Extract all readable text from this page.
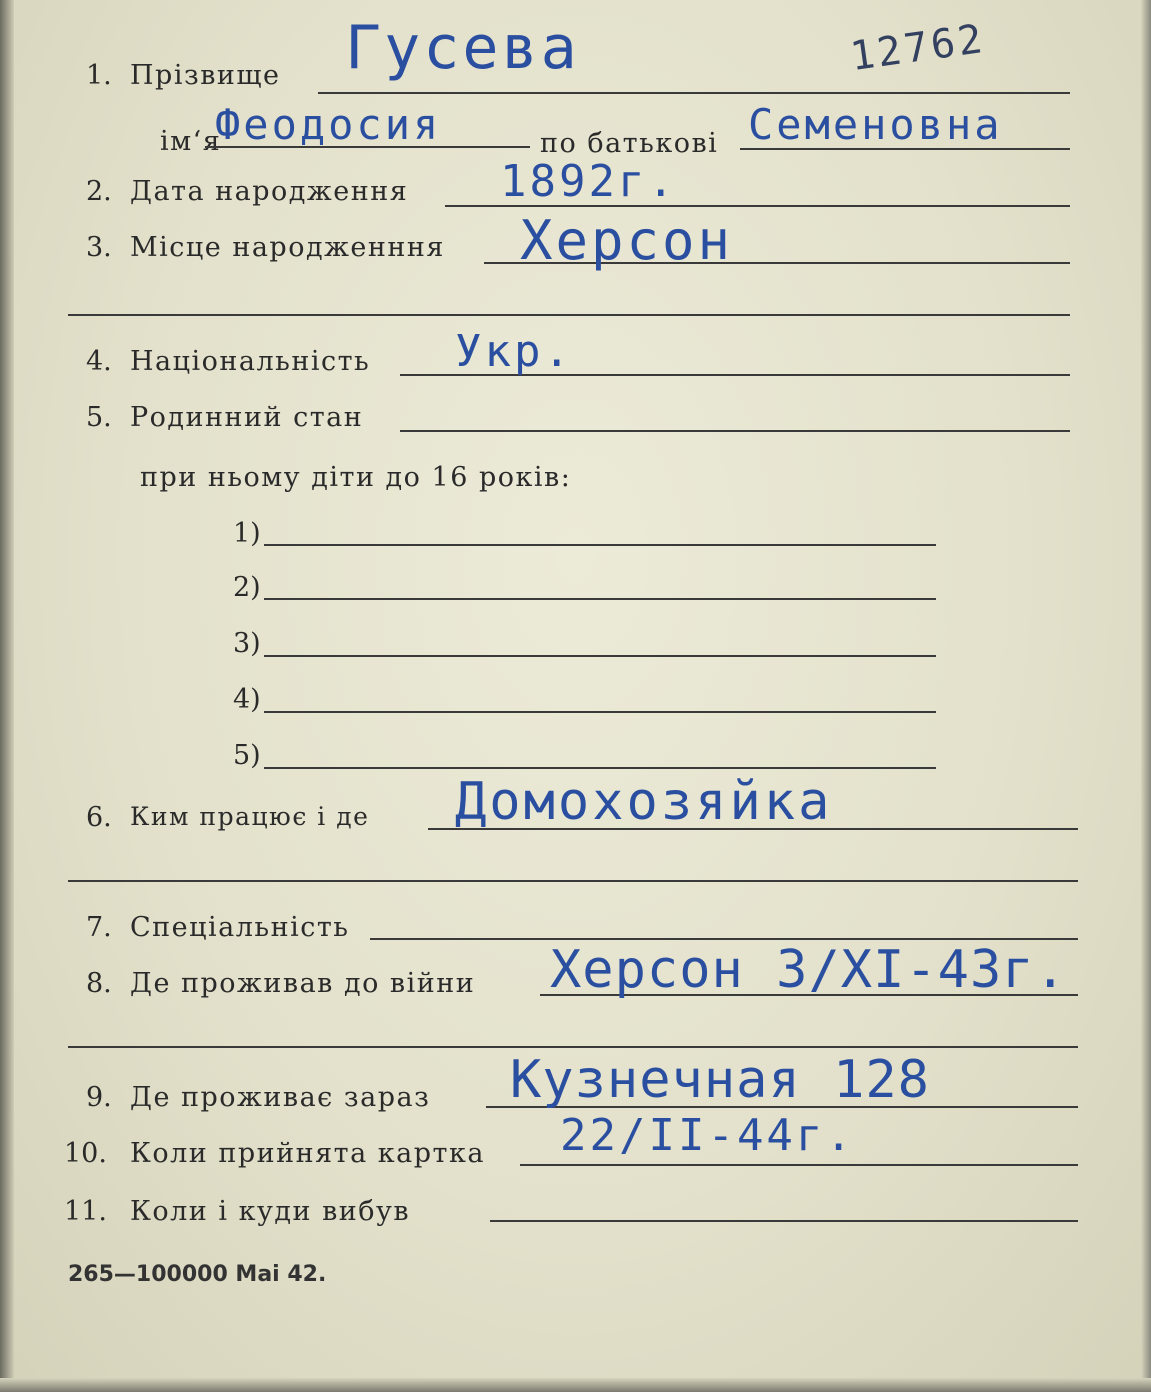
12762
1. Прізвище Гусева
ім‘я
Феодосия	по батькові Семеновна
2. Дата народження 1892г.
3. Місце народженння Херсон
4. Національність Укр.
5. Родинний стан
при ньому діти до 16 років:
1)
2)
3)
4)
5)
6. Ким працює і де Домохозяйка
7. Спеціальність
8. Де проживав до війни Херсон 3/XI-43г.
9. Де проживає зараз Кузнечная 128
10. Коли прийнята картка 22/II-44г.
11. Коли і куди вибув
265—100000 Mai 42.
